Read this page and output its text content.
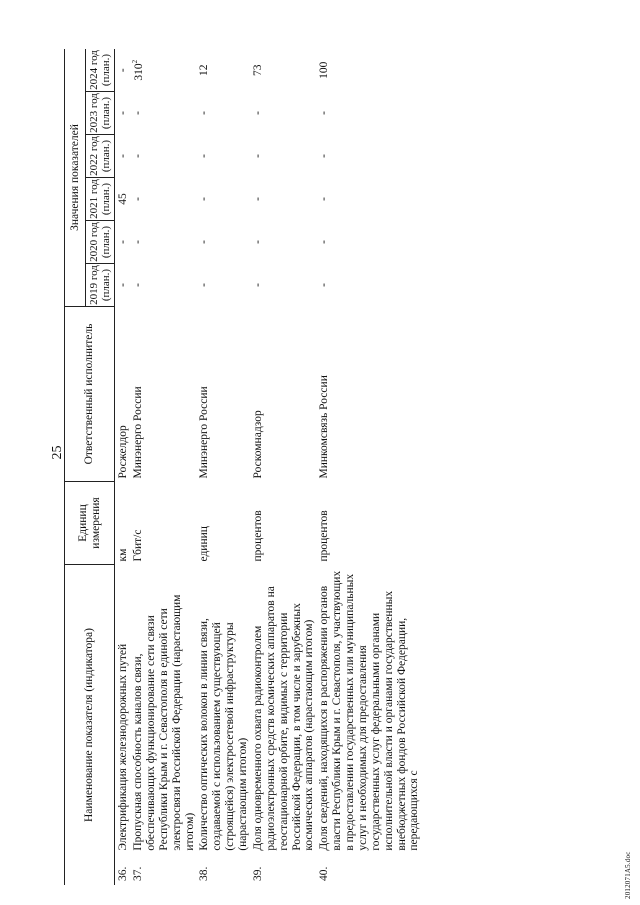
25
Наименование показателя (индикатора)		Единиц измерения	Ответственный исполнитель	Значения показателей					
				2019 год (план.)	2020 год (план.)	2021 год (план.)	2022 год (план.)	2023 год (план.)	2024 год (план.)
36.	Электрификация железнодорожных путей	км	Росжелдор	-	-	45	-	-	-
37.	Пропускная способность каналов связи, обеспечивающих функционирование сети связи Республики Крым и г. Севастополя в единой сети электросвязи Российской Федерации (нарастающим итогом)	Гбит/с	Минэнерго России	-	-	-	-	-	$310^2$
38.	Количество оптических волокон в линии связи, создаваемой с использованием существующей (строящейся) электросетевой инфраструктуры (нарастающим итогом)	единиц	Минэнерго России	-	-	-	-	-	12
39.	Доля одновременного охвата радиоконтролем радиоэлектронных средств космических аппаратов на геостационарной орбите, видимых с территории Российской Федерации, в том числе и зарубежных космических аппаратов (нарастающим итогом)	процентов	Роскомнадзор	-	-	-	-	-	73
40.	Доля сведений, находящихся в распоряжении органов власти Республики Крым и г. Севастополя, участвующих в предоставлении государственных или муниципальных услуг и необходимых для предоставления государственных услуг федеральными органами исполнительной власти и органами государственных внебюджетных фондов Российской Федерации, передающихся с	процентов	Минкомсвязь России	-	-	-	-	-	100
2012071A5.doc
